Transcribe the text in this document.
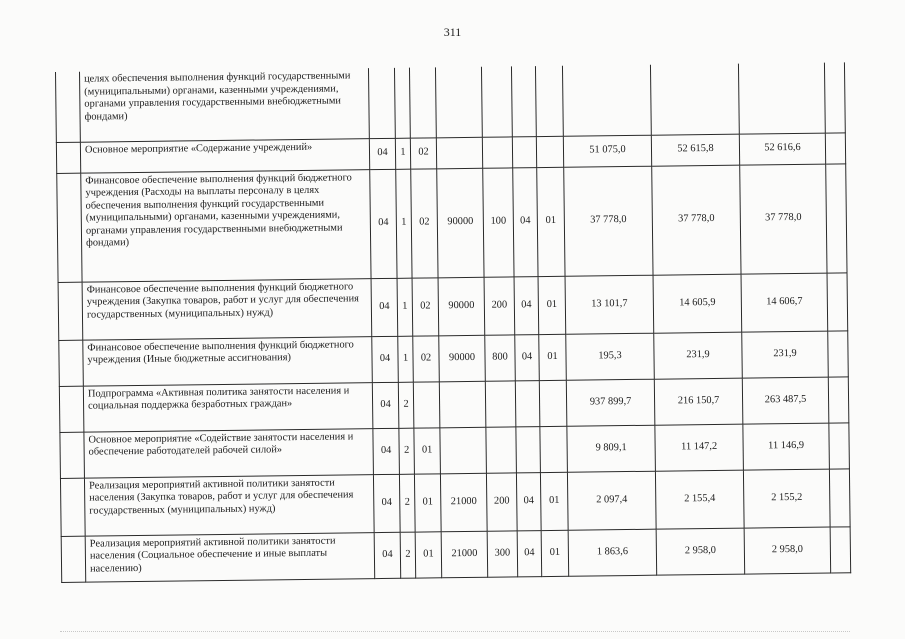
311
	целях обеспечения выполнения функций государственными (муниципальными) органами, казенными учреждениями, органами управления государственными внебюджетными фондами)											
	Основное мероприятие «Содержание учреждений»	04	1	02					51 075,0	52 615,8	52 616,6	
	Финансовое обеспечение выполнения функций бюджетного учреждения (Расходы на выплаты персоналу в целях обеспечения выполнения функций государственными (муниципальными) органами, казенными учреждениями, органами управления государственными внебюджетными фондами)	04	1	02	90000	100	04	01	37 778,0	37 778,0	37 778,0	
	Финансовое обеспечение выполнения функций бюджетного учреждения (Закупка товаров, работ и услуг для обеспечения государственных (муниципальных) нужд)	04	1	02	90000	200	04	01	13 101,7	14 605,9	14 606,7	
	Финансовое обеспечение выполнения функций бюджетного учреждения (Иные бюджетные ассигнования)	04	1	02	90000	800	04	01	195,3	231,9	231,9	
	Подпрограмма «Активная политика занятости населения и социальная поддержка безработных граждан»	04	2						937 899,7	216 150,7	263 487,5	
	Основное мероприятие «Содействие занятости населения и обеспечение работодателей рабочей силой»	04	2	01					9 809,1	11 147,2	11 146,9	
	Реализация мероприятий активной политики занятости населения (Закупка товаров, работ и услуг для обеспечения государственных (муниципальных) нужд)	04	2	01	21000	200	04	01	2 097,4	2 155,4	2 155,2	
	Реализация мероприятий активной политики занятости населения (Социальное обеспечение и иные выплаты населению)	04	2	01	21000	300	04	01	1 863,6	2 958,0	2 958,0	
